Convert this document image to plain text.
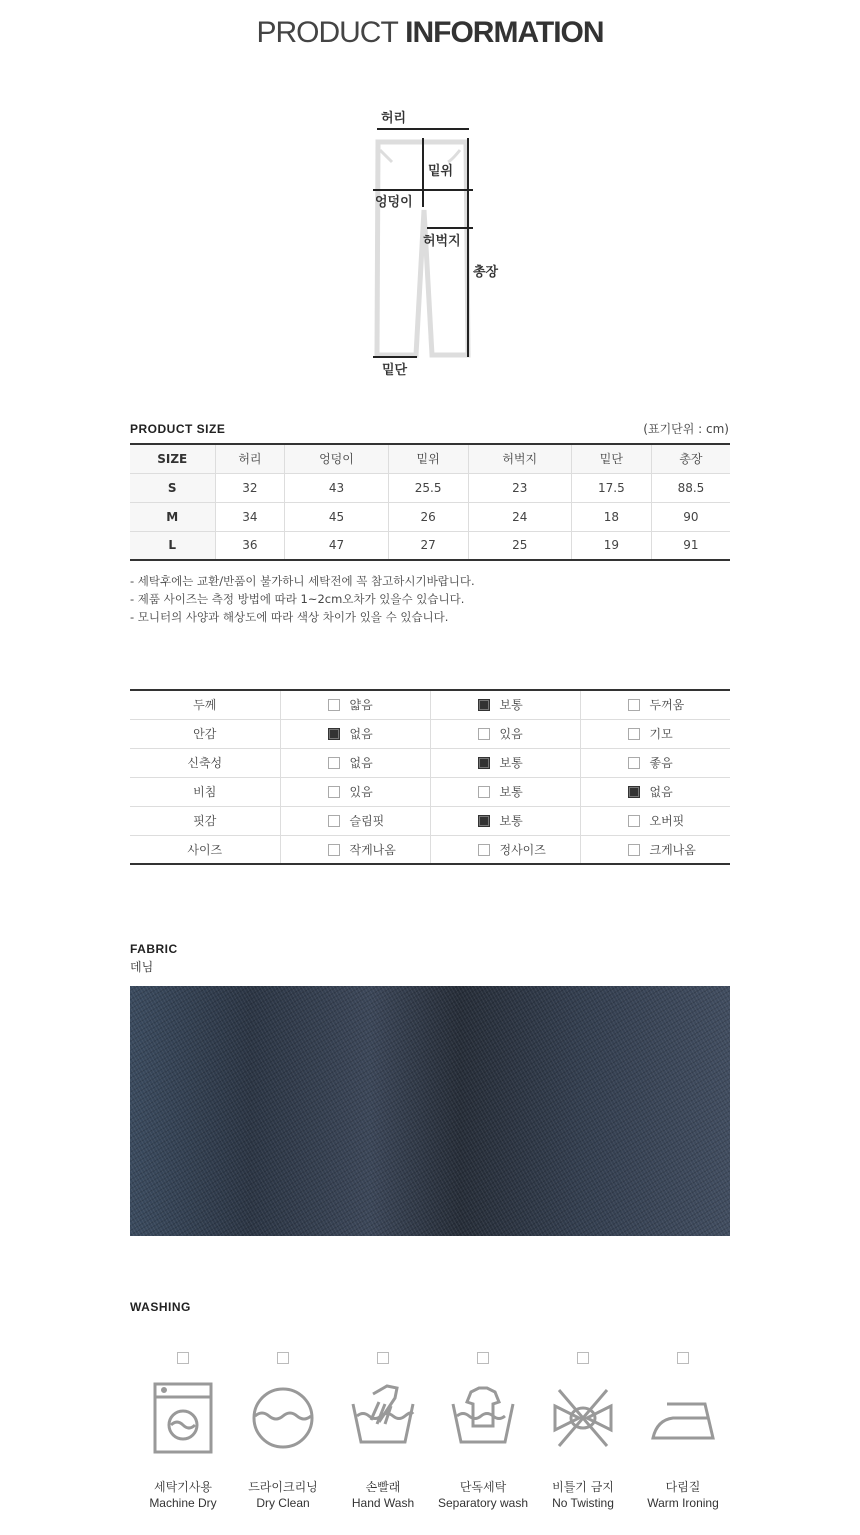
PRODUCT INFORMATION
허리
밑위
엉덩이
허벅지
총장
밑단
PRODUCT SIZE	(표기단위 : cm)
SIZE	허리	엉덩이	밑위	허벅지	밑단	총장
S	32	43	25.5	23	17.5	88.5
M	34	45	26	24	18	90
L	36	47	27	25	19	91
- 세탁후에는 교환/반품이 불가하니 세탁전에 꼭 참고하시기바랍니다.
- 제품 사이즈는 측정 방법에 따라 1~2cm오차가 있을수 있습니다.
- 모니터의 사양과 해상도에 따라 색상 차이가 있을 수 있습니다.
두께	얇음	보통	두꺼움
안감	없음	있음	기모
신축성	없음	보통	좋음
비침	있음	보통	없음
핏감	슬림핏	보통	오버핏
사이즈	작게나옴	정사이즈	크게나옴
FABRIC
데님
WASHING
세탁기사용
Machine Dry
드라이크리닝
Dry Clean
손빨래
Hand Wash
단독세탁
Separatory wash
비틀기 금지
No Twisting
다림질
Warm Ironing
